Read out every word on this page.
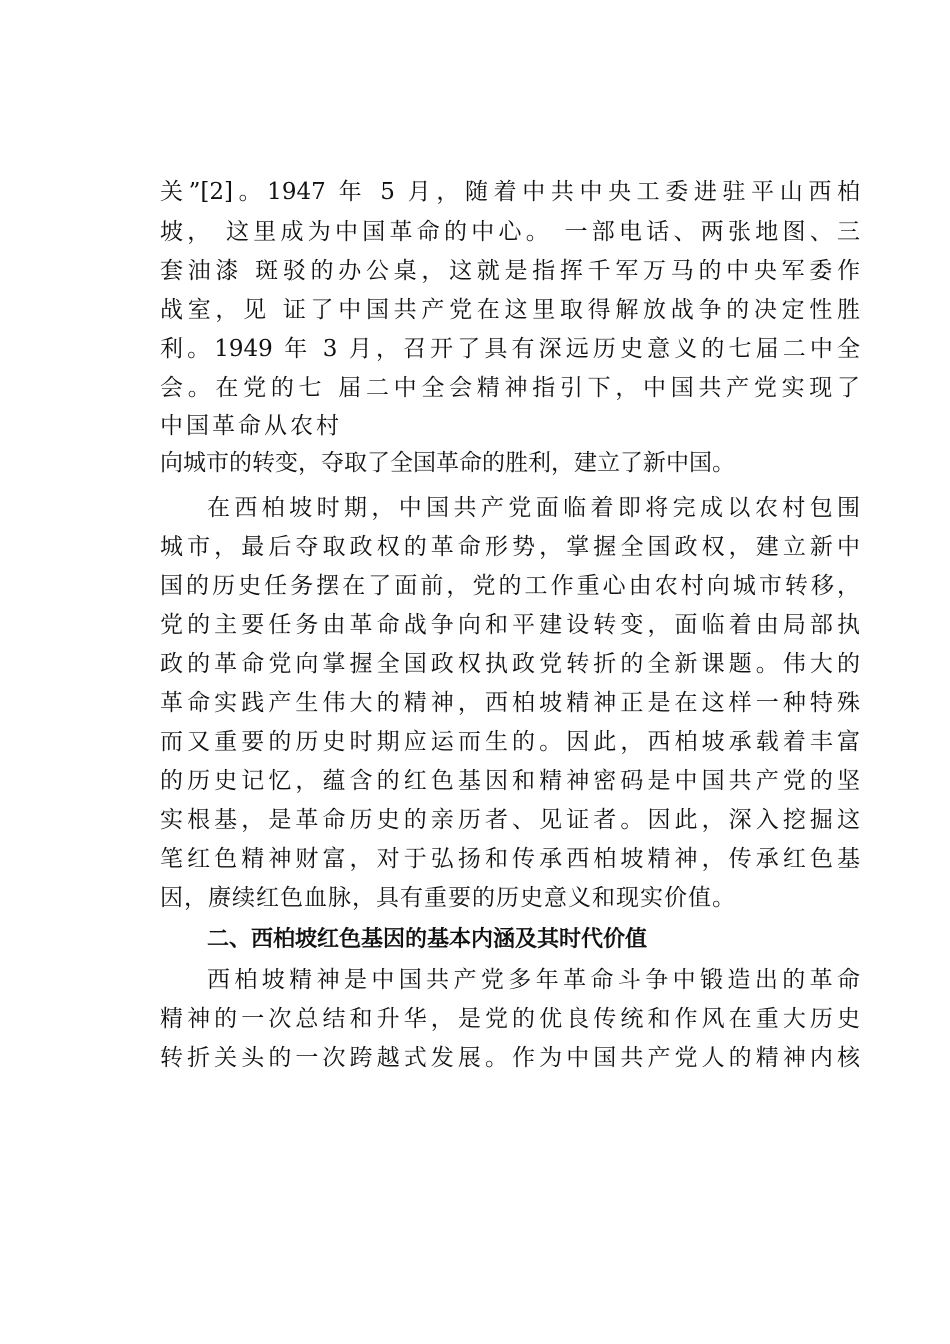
关”[2]。1947 年 5 月，随着中共中央工委进驻平山西柏
坡， 这里成为中国革命的中心。 一部电话、两张地图、三
套油漆 斑驳的办公桌，这就是指挥千军万马的中央军委作
战室，见 证了中国共产党在这里取得解放战争的决定性胜
利。1949 年 3 月，召开了具有深远历史意义的七届二中全
会。在党的七 届二中全会精神指引下，中国共产党实现了
中国革命从农村
向城市的转变，夺取了全国革命的胜利，建立了新中国。
在西柏坡时期，中国共产党面临着即将完成以农村包围
城市，最后夺取政权的革命形势，掌握全国政权，建立新中
国的历史任务摆在了面前，党的工作重心由农村向城市转移，
党的主要任务由革命战争向和平建设转变，面临着由局部执
政的革命党向掌握全国政权执政党转折的全新课题。伟大的
革命实践产生伟大的精神，西柏坡精神正是在这样一种特殊
而又重要的历史时期应运而生的。因此，西柏坡承载着丰富
的历史记忆，蕴含的红色基因和精神密码是中国共产党的坚
实根基，是革命历史的亲历者、见证者。因此，深入挖掘这
笔红色精神财富，对于弘扬和传承西柏坡精神，传承红色基
因，赓续红色血脉，具有重要的历史意义和现实价值。
二、西柏坡红色基因的基本内涵及其时代价值
西柏坡精神是中国共产党多年革命斗争中锻造出的革命
精神的一次总结和升华，是党的优良传统和作风在重大历史
转折关头的一次跨越式发展。作为中国共产党人的精神内核
